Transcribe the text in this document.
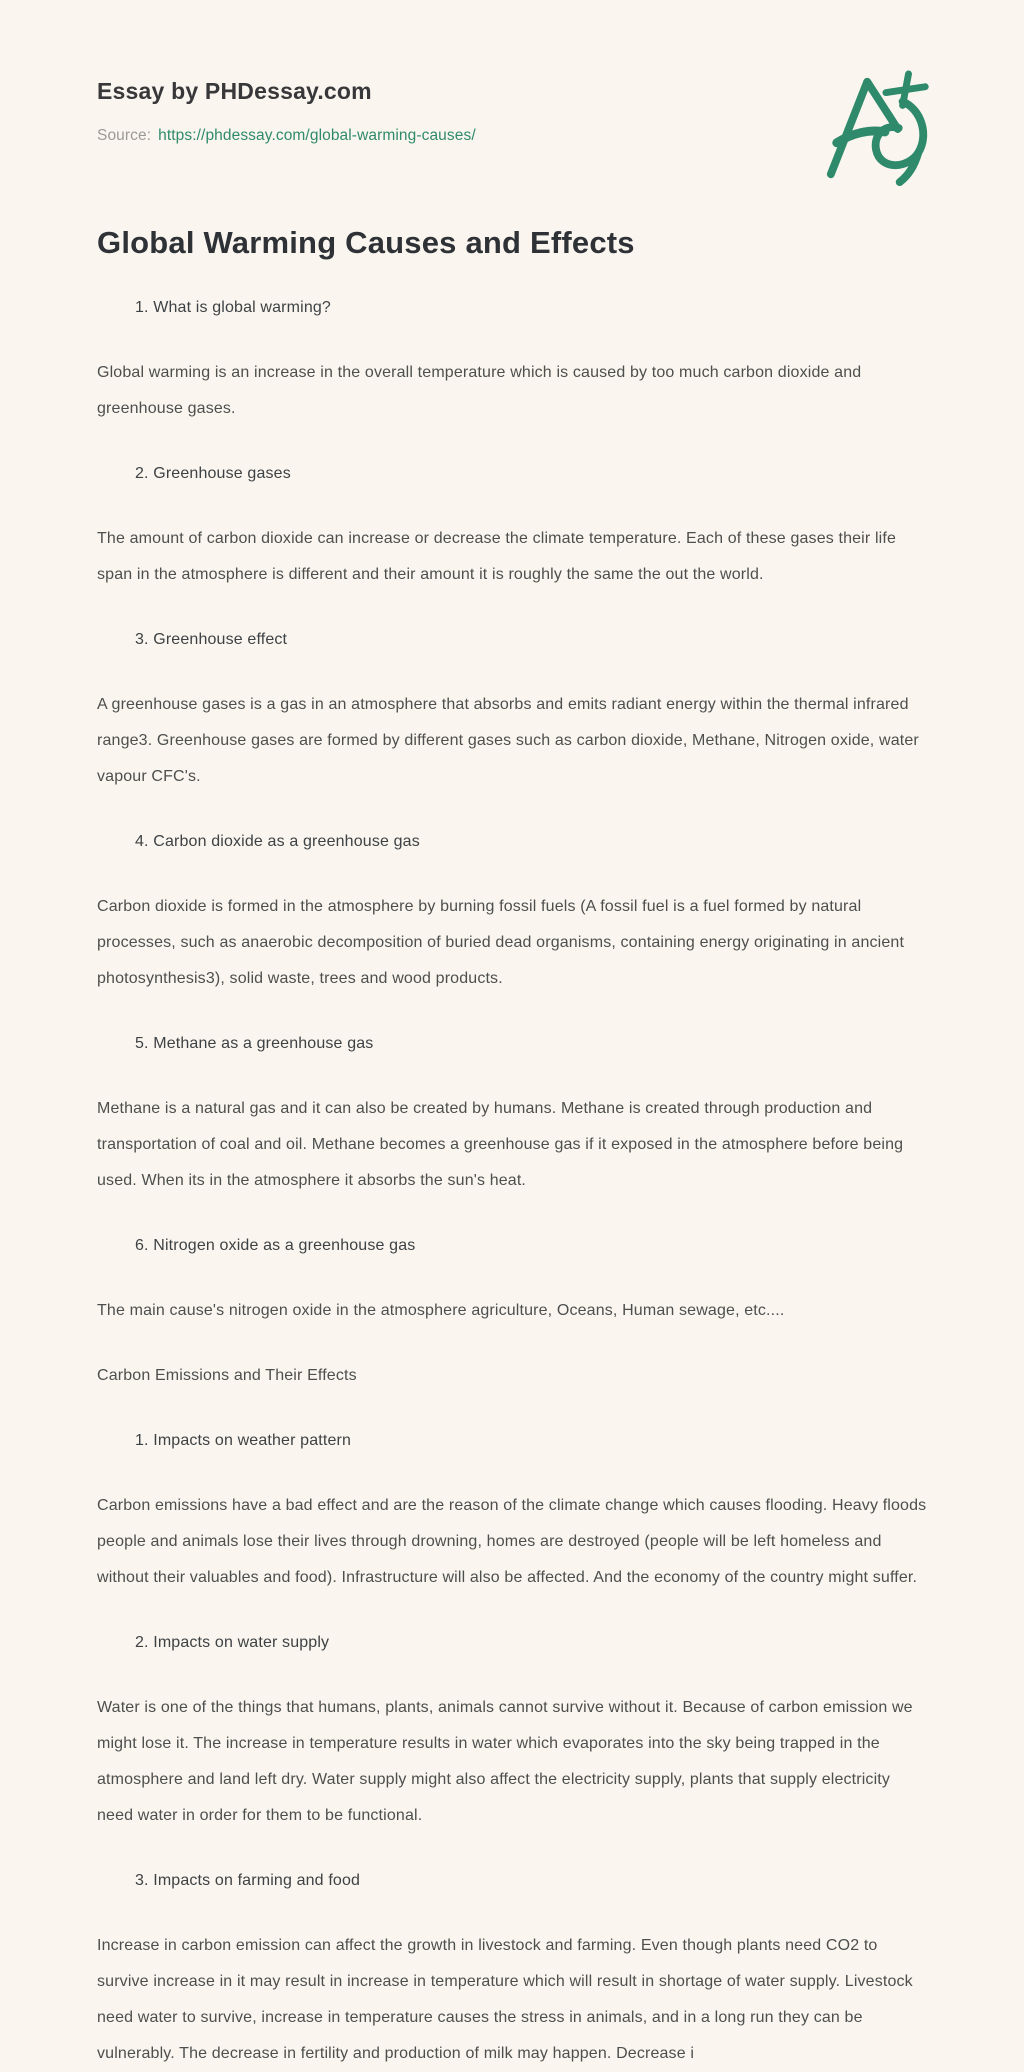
Essay by PHDessay.com
Source: https://phdessay.com/global-warming-causes/
Global Warming Causes and Effects
1. What is global warming?
Global warming is an increase in the overall temperature which is caused by too much carbon dioxide and greenhouse gases.
2. Greenhouse gases
The amount of carbon dioxide can increase or decrease the climate temperature. Each of these gases their life span in the atmosphere is different and their amount it is roughly the same the out the world.
3. Greenhouse effect
A greenhouse gases is a gas in an atmosphere that absorbs and emits radiant energy within the thermal infrared range3. Greenhouse gases are formed by different gases such as carbon dioxide, Methane, Nitrogen oxide, water vapour CFC's.
4. Carbon dioxide as a greenhouse gas
Carbon dioxide is formed in the atmosphere by burning fossil fuels (A fossil fuel is a fuel formed by natural processes, such as anaerobic decomposition of buried dead organisms, containing energy originating in ancient photosynthesis3), solid waste, trees and wood products.
5. Methane as a greenhouse gas
Methane is a natural gas and it can also be created by humans. Methane is created through production and transportation of coal and oil. Methane becomes a greenhouse gas if it exposed in the atmosphere before being used. When its in the atmosphere it absorbs the sun's heat.
6. Nitrogen oxide as a greenhouse gas
The main cause's nitrogen oxide in the atmosphere agriculture, Oceans, Human sewage, etc....
Carbon Emissions and Their Effects
1. Impacts on weather pattern
Carbon emissions have a bad effect and are the reason of the climate change which causes flooding. Heavy floods people and animals lose their lives through drowning, homes are destroyed (people will be left homeless and without their valuables and food). Infrastructure will also be affected. And the economy of the country might suffer.
2. Impacts on water supply
Water is one of the things that humans, plants, animals cannot survive without it. Because of carbon emission we might lose it. The increase in temperature results in water which evaporates into the sky being trapped in the atmosphere and land left dry. Water supply might also affect the electricity supply, plants that supply electricity need water in order for them to be functional.
3. Impacts on farming and food
Increase in carbon emission can affect the growth in livestock and farming. Even though plants need CO2 to survive increase in it may result in increase in temperature which will result in shortage of water supply. Livestock need water to survive, increase in temperature causes the stress in animals, and in a long run they can be vulnerably. The decrease in fertility and production of milk may happen. Decrease i
